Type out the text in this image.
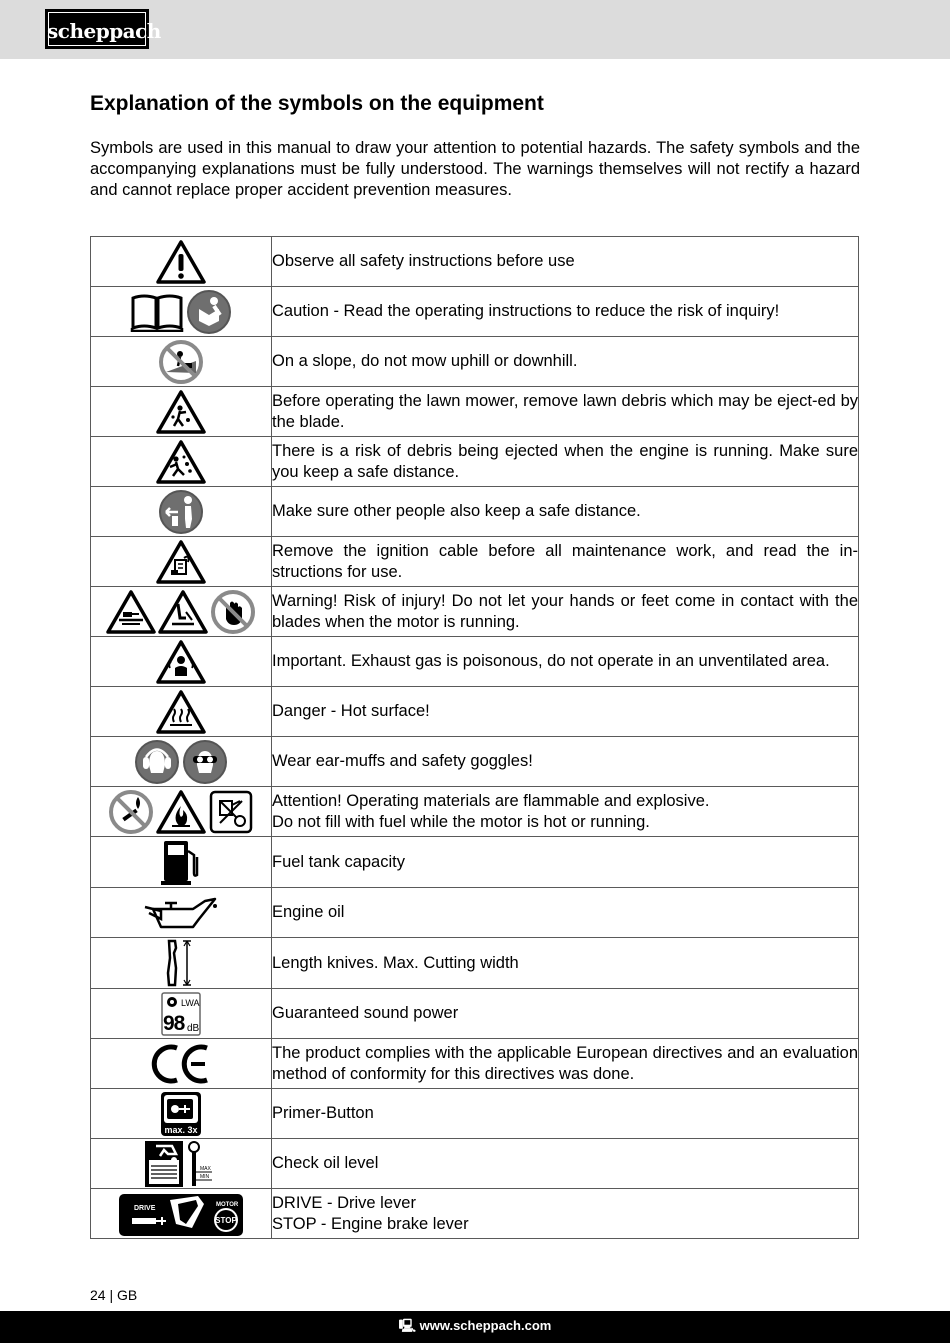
scheppach
Explanation of the symbols on the equipment

Symbols are used in this manual to draw your attention to potential hazards. The safety symbols and the accompanying explanations must be fully understood. The warnings themselves will not rectify a hazard and cannot replace proper accident prevention measures.

Observe all safety instructions before use

Caution - Read the operating instructions to reduce the risk of inquiry!

On a slope, do not mow uphill or downhill.

Before operating the lawn mower, remove lawn debris which may be eject-ed by the blade.

There is a risk of debris being ejected when the engine is running. Make sure you keep a safe distance.

Make sure other people also keep a safe distance.

Remove the ignition cable before all maintenance work, and read the in-structions for use.

Warning! Risk of injury! Do not let your hands or feet come in contact with the blades when the motor is running.

Important. Exhaust gas is poisonous, do not operate in an unventilated area.

Danger - Hot surface!

Wear ear-muffs and safety goggles!

Attention! Operating materials are flammable and explosive.
Do not fill with fuel while the motor is hot or running.

Fuel tank capacity

Engine oil

Length knives. Max. Cutting width

LWA
98 dB	Guaranteed sound power

The product complies with the applicable European directives and an evaluation method of conformity for this directives was done.

max. 3x	Primer-Button

MAX
MIN	Check oil level

DRIVE MOTOR
STOP	DRIVE - Drive lever
STOP - Engine brake lever
24 | GB
🖳 www.scheppach.com
